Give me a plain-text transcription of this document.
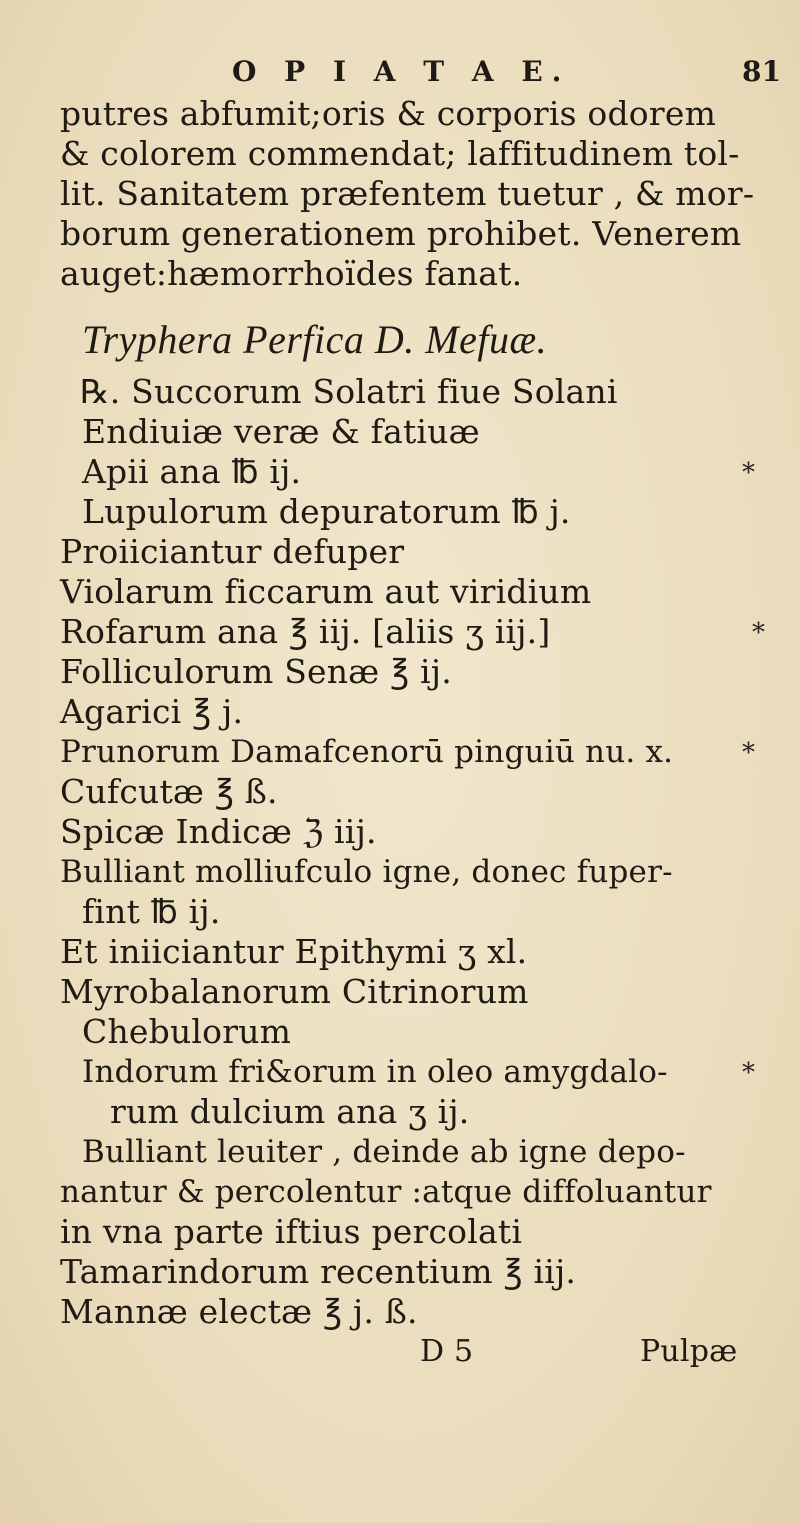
O P I A T A E.	81
putres abfumit;oris & corporis odorem
& colorem commendat; laffitudinem tol-
lit. Sanitatem præfentem tuetur , & mor-
borum generationem prohibet. Venerem
auget:hæmorrhoïdes fanat.
Tryphera Perfica D. Mefuæ.
℞. Succorum Solatri fiue Solani
Endiuiæ veræ & fatiuæ
Apii ana ℔ ij.
Lupulorum depuratorum ℔ j.
Proiiciantur defuper
Violarum ficcarum aut viridium
Rofarum ana ℥ iij. [aliis ʒ iij.]
Folliculorum Senæ ℥ ij.
Agarici ℥ j.
Prunorum Damafcenorū pinguiū nu. x.
Cufcutæ ℥ ß.
Spicæ Indicæ ℨ iij.
Bulliant molliufculo igne, donec fuper-
fint ℔ ij.
Et iniiciantur Epithymi ʒ xl.
Myrobalanorum Citrinorum
Chebulorum
Indorum fri&orum in oleo amygdalo-
rum dulcium ana ʒ ij.
Bulliant leuiter , deinde ab igne depo-
nantur & percolentur :atque diffoluantur
in vna parte iftius percolati
Tamarindorum recentium ℥ iij.
Mannæ electæ ℥ j. ß.
D 5	Pulpæ
*
*
*
*
